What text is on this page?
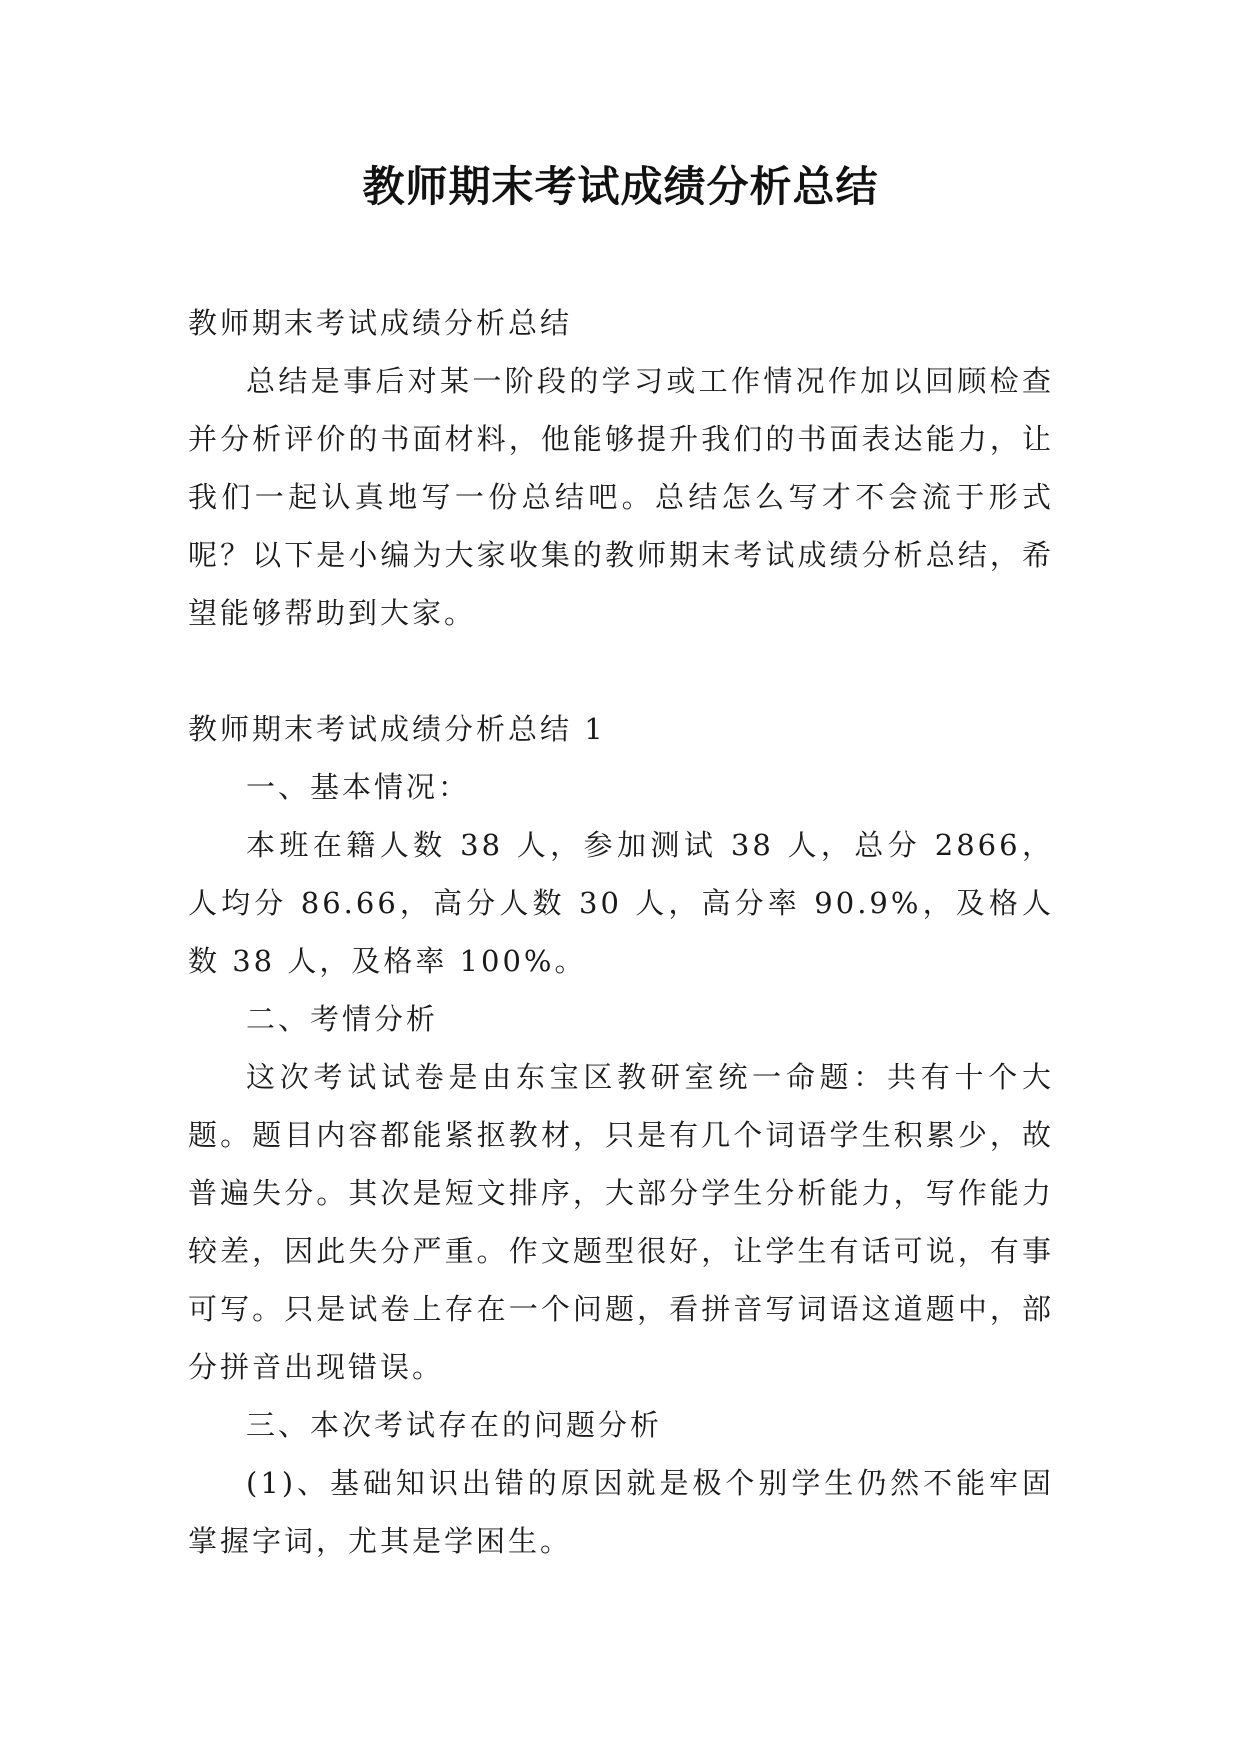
教师期末考试成绩分析总结

教师期末考试成绩分析总结

总结是事后对某一阶段的学习或工作情况作加以回顾检查并分析评价的书面材料，他能够提升我们的书面表达能力，让我们一起认真地写一份总结吧。总结怎么写才不会流于形式呢？以下是小编为大家收集的教师期末考试成绩分析总结，希望能够帮助到大家。

教师期末考试成绩分析总结 1

一、基本情况：

本班在籍人数 38 人，参加测试 38 人，总分 2866，人均分 86.66，高分人数 30 人，高分率 90.9%，及格人数 38 人，及格率 100%。

二、考情分析

这次考试试卷是由东宝区教研室统一命题：共有十个大题。题目内容都能紧抠教材，只是有几个词语学生积累少，故普遍失分。其次是短文排序，大部分学生分析能力，写作能力较差，因此失分严重。作文题型很好，让学生有话可说，有事可写。只是试卷上存在一个问题，看拼音写词语这道题中，部分拼音出现错误。

三、本次考试存在的问题分析

(1)、基础知识出错的原因就是极个别学生仍然不能牢固掌握字词，尤其是学困生。
